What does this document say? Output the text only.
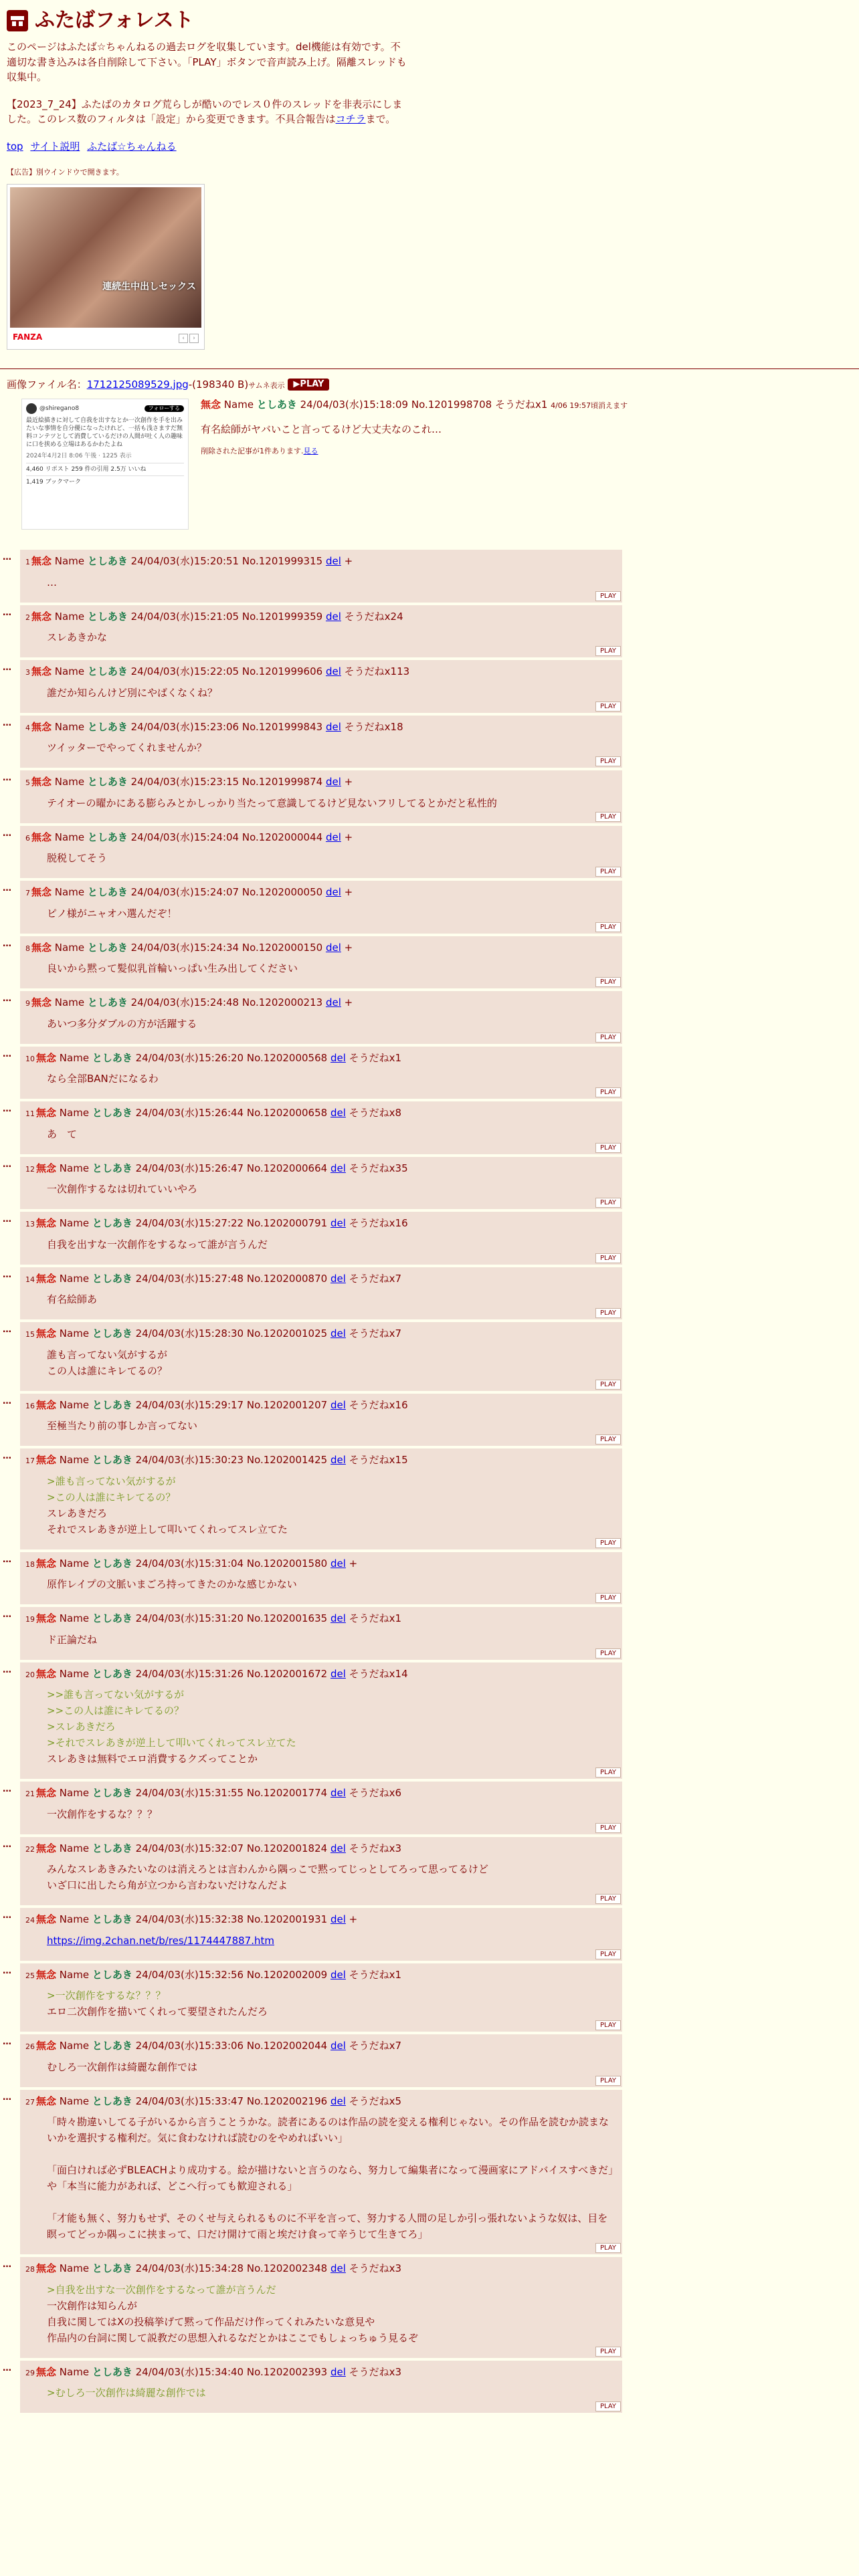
ふたばフォレスト

このページはふたば☆ちゃんねるの過去ログを収集しています。del機能は有効です。不適切な書き込みは各自削除して下さい。「PLAY」ボタンで音声読み上げ。隔離スレッドも収集中。

【2023_7_24】ふたばのカタログ荒らしが酷いのでレス０件のスレッドを非表示にしました。このレス数のフィルタは「設定」から変更できます。不具合報告はコチラまで。

top サイト説明 ふたば☆ちゃんねる
【広告】別ウインドウで開きます。
連続生中出しセックス
FANZA	‹ ›
画像ファイル名：1712125089529.jpg-(198340 B)サムネ表示 ▶PLAY
@shiregano8	フォローする
最近絵描きに対して自我を出すなとか一次創作を手を出みたいな事情を自分優になったけれど、一括も浅さますだ無料コンテツとして消費しているだけの人間が吐く人の趣味に口を挟める立場はあるかわたよね
2024年4月2日 8:06 午後 · 1225 表示
4,460 リポスト 259 件の引用 2.5万 いいね
1,419 ブックマーク
無念 Name としあき 24/04/03(水)15:18:09 No.1201998708 そうだねx1 4/06 19:57頃消えます
有名絵師がヤバいこと言ってるけど大丈夫なのこれ…
削除された記事が1件あります.見る
… 1 無念 Name としあき 24/04/03(水)15:20:51 No.1201999315 del +
…

PLAY
… 2 無念 Name としあき 24/04/03(水)15:21:05 No.1201999359 del そうだねx24
スレあきかな

PLAY
… 3 無念 Name としあき 24/04/03(水)15:22:05 No.1201999606 del そうだねx113
誰だか知らんけど別にやばくなくね？

PLAY
… 4 無念 Name としあき 24/04/03(水)15:23:06 No.1201999843 del そうだねx18
ツイッターでやってくれませんか？

PLAY
… 5 無念 Name としあき 24/04/03(水)15:23:15 No.1201999874 del +
テイオーの曜かにある膨らみとかしっかり当たって意識してるけど見ないフリしてるとかだと私性的

PLAY
… 6 無念 Name としあき 24/04/03(水)15:24:04 No.1202000044 del +
脱税してそう

PLAY
… 7 無念 Name としあき 24/04/03(水)15:24:07 No.1202000050 del +
ピノ様がニャオハ選んだぞ！

PLAY
… 8 無念 Name としあき 24/04/03(水)15:24:34 No.1202000150 del +
良いから黙って髪似乳首輪いっぱい生み出してください

PLAY
… 9 無念 Name としあき 24/04/03(水)15:24:48 No.1202000213 del +
あいつ多分ダブルの方が活躍する

PLAY
… 10 無念 Name としあき 24/04/03(水)15:26:20 No.1202000568 del そうだねx1
なら全部BANだになるわ

PLAY
… 11 無念 Name としあき 24/04/03(水)15:26:44 No.1202000658 del そうだねx8
あ　て

PLAY
… 12 無念 Name としあき 24/04/03(水)15:26:47 No.1202000664 del そうだねx35
一次創作するなは切れていいやろ

PLAY
… 13 無念 Name としあき 24/04/03(水)15:27:22 No.1202000791 del そうだねx16
自我を出すな一次創作をするなって誰が言うんだ

PLAY
… 14 無念 Name としあき 24/04/03(水)15:27:48 No.1202000870 del そうだねx7
有名絵師あ

PLAY
… 15 無念 Name としあき 24/04/03(水)15:28:30 No.1202001025 del そうだねx7
誰も言ってない気がするが
この人は誰にキレてるの？

PLAY
… 16 無念 Name としあき 24/04/03(水)15:29:17 No.1202001207 del そうだねx16
至極当たり前の事しか言ってない

PLAY
… 17 無念 Name としあき 24/04/03(水)15:30:23 No.1202001425 del そうだねx15
>誰も言ってない気がするが
>この人は誰にキレてるの？
スレあきだろ
それでスレあきが逆上して叩いてくれってスレ立てた

PLAY
… 18 無念 Name としあき 24/04/03(水)15:31:04 No.1202001580 del +
原作レイプの文脈いまごろ持ってきたのかな感じかない

PLAY
… 19 無念 Name としあき 24/04/03(水)15:31:20 No.1202001635 del そうだねx1
ド正論だね

PLAY
… 20 無念 Name としあき 24/04/03(水)15:31:26 No.1202001672 del そうだねx14
>>誰も言ってない気がするが
>>この人は誰にキレてるの？
>スレあきだろ
>それでスレあきが逆上して叩いてくれってスレ立てた
スレあきは無料でエロ消費するクズってことか

PLAY
… 21 無念 Name としあき 24/04/03(水)15:31:55 No.1202001774 del そうだねx6
一次創作をするな？？？

PLAY
… 22 無念 Name としあき 24/04/03(水)15:32:07 No.1202001824 del そうだねx3
みんなスレあきみたいなのは消えろとは言わんから隅っこで黙ってじっとしてろって思ってるけど
いざ口に出したら角が立つから言わないだけなんだよ

PLAY
… 24 無念 Name としあき 24/04/03(水)15:32:38 No.1202001931 del +
https://img.2chan.net/b/res/1174447887.htm

PLAY
… 25 無念 Name としあき 24/04/03(水)15:32:56 No.1202002009 del そうだねx1
>一次創作をするな？？？
エロ二次創作を描いてくれって要望されたんだろ

PLAY
… 26 無念 Name としあき 24/04/03(水)15:33:06 No.1202002044 del そうだねx7
むしろ一次創作は綺麗な創作では

PLAY
… 27 無念 Name としあき 24/04/03(水)15:33:47 No.1202002196 del そうだねx5
「時々勘違いしてる子がいるから言うことうかな。読者にあるのは作品の読を変える権利じゃない。その作品を読むか読まないかを選択する権利だ。気に食わなければ読むのをやめればいい」

「面白ければ必ずBLEACHより成功する。絵が描けないと言うのなら、努力して編集者になって漫画家にアドバイスすべきだ」や「本当に能力があれば、どこへ行っても歓迎される」

「才能も無く、努力もせず、そのくせ与えられるものに不平を言って、努力する人間の足しか引っ張れないような奴は、目を瞑ってどっか隅っこに挟まって、口だけ開けて雨と埃だけ食って辛うじて生きてろ」

PLAY
… 28 無念 Name としあき 24/04/03(水)15:34:28 No.1202002348 del そうだねx3
>自我を出すな一次創作をするなって誰が言うんだ
一次創作は知らんが
自我に関してはXの投稿挙げて黙って作品だけ作ってくれみたいな意見や
作品内の台詞に関して説教だの思想入れるなだとかはここでもしょっちゅう見るぞ

PLAY
… 29 無念 Name としあき 24/04/03(水)15:34:40 No.1202002393 del そうだねx3
>むしろ一次創作は綺麗な創作では

PLAY
